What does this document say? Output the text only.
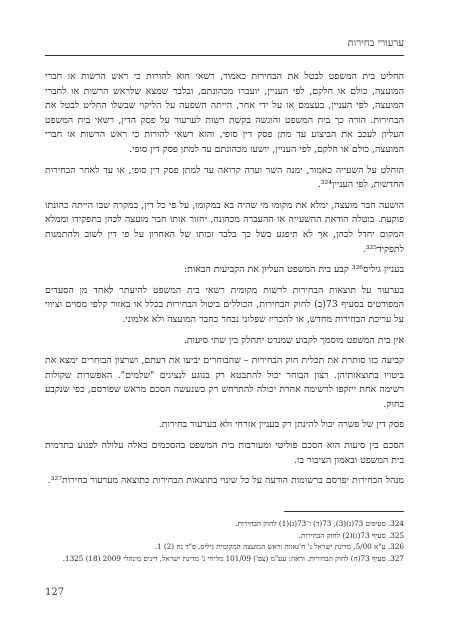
ערעורי בחירות

החליט בית המשפט לבטל את הבחירות כאמור, רשאי הוא להורות כי ראש הרשות או חברי המועצה, כולם או חלקם, לפי העניין, יועברו מכהונתם, ובלבד שמצא שלראש הרשות או לחברי המועצה, לפי העניין, בעצמם או על ידי אחר, הייתה השפעה על הליקוי שבשלו החליט לבטל את הבחירות. הורה כך בית המשפט והוגשה בקשת רשות לערעור על פסק הדין, רשאי בית המשפט העליון לעכב את הביצוע עד מתן פסק דין סופי, והוא רשאי להורות כי ראש הרשות או חברי המועצה, כולם או חלקם, לפי העניין, יושעו מכהונתם עד למתן פסק דין סופי.

הוחלט על השעייה כאמור, ימנה השר ועדה קרואה עד למתן פסק דין סופי, או עד לאחר הבחירות החדשות, לפי העניין³²⁴.

הושעה חבר מועצה, ימלא את מקומו מי שהיה בא במקומו, על פי כל דין, במקרה שבו הייתה כהונתו פוקעת. בוטלה הודאת ההשעייה או ההעברה מכהונה, יחזור אותו חבר מועצה לכהן בתפקידו וממלא המקום יחדל לכהן, אך לא תיפגע בשל כך בלבד זכותו של האחרון על פי דין לשוב ולהתמנות לתפקיד³²⁵.

בעניין גיליס³²⁶ קבע בית המשפט העליון את הקביעות הבאות:

בערעור על תוצאות הבחירות לרשות מקומית רשאי בית המשפט להיעתר לאחד מן הסעדים המפורטים בסעיף 73(ב) לחוק הבחירות, הכוללים ביטול הבחירות בכלל או באזור קלפי מסוים וציווי על עריכת הבחירות מחדש, או להכריז שפלוני נבחר כחבר המועצה ולא אלמוני.

אין בית המשפט מוסמך לקבוע שמנדט יתחלק בין שתי סיעות.

קביעה כזו סותרת את תכלית חוק הבחירות – שהבוחרים יביעו את דעתם, ושרצון הבוחרים ימצא את ביטויו בתוצאותיהן. רצון הבוחר יכול להתבטא רק בנוגע לנציגים "שלמים". האפשרות שקולות רשימה אחת ייזקפו לרשימה אחרת יכולה להתרחש רק כשנעשה הסכם מראש שפורסם, כפי שנקבע בחוק.

פסק דין של פשרה יכול להינתן רק בעניין אזרחי ולא בערעור בחירות.

הסכם בין סיעות הוא הסכם פוליטי ומעורבות בית המשפט בהסכמים כאלה עלולה לפגוע בתדמית בית המשפט ובאמון הציבור בו.

מנהל הבחירות יפרסם ברשומות הודעה על כל שינוי בתוצאות הבחירות כתוצאה מערעור בחירות³²⁷.

324. סעיפים 73(ג)(3), 73(ד) ו־73(ג)(1) לחוק הבחירות.

325. סעיף 73(ג)(2) לחוק הבחירות.

326. ע"א 5/00, מדינת ישראל נ' ח'גאווה וראש המועצה המקומית גיליס, פ"ד נח (2) 1.

327. סעיף 73(ה) לחוק הבחירות. וראה: עע"מ (צפ') 101/09 מליחי נ' מדינת ישראל, דינים מינהלי 2009 (18) 1325.

127
